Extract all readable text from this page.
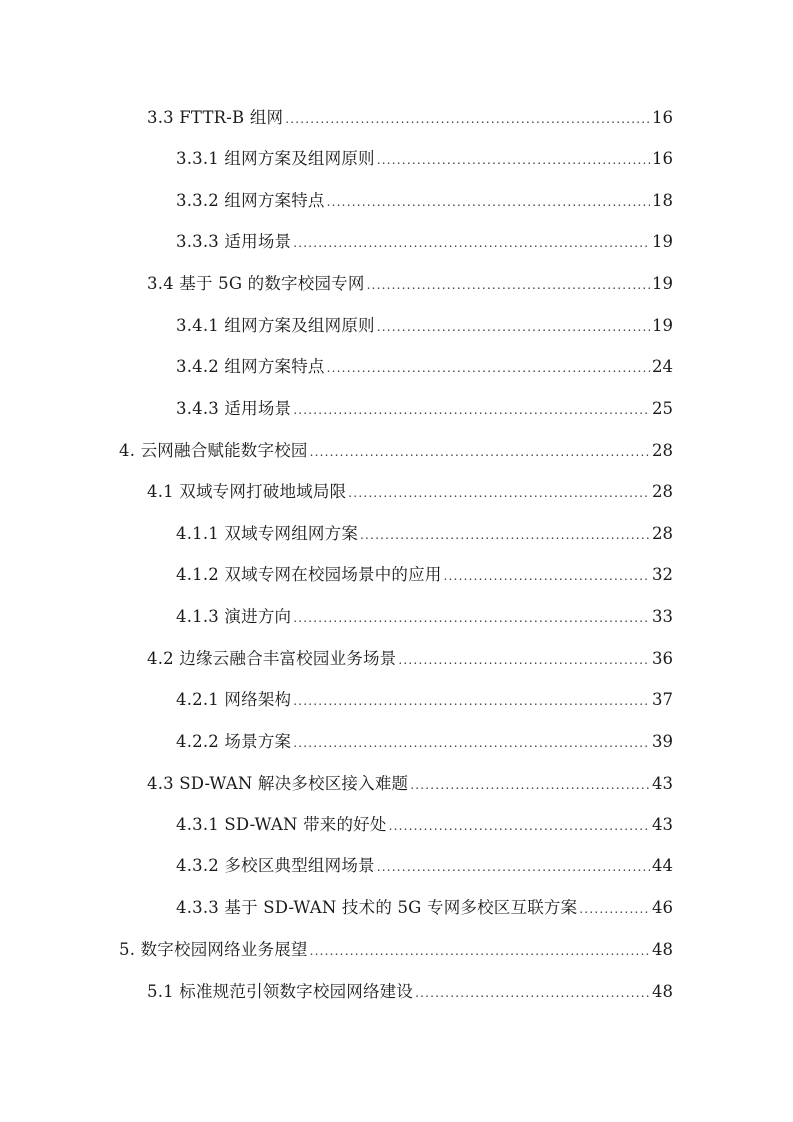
3.3 FTTR-B 组网 .....	16
3.3.1 组网方案及组网原则 .....	16
3.3.2 组网方案特点 .....	18
3.3.3 适用场景 .....	19
3.4 基于 5G 的数字校园专网 .....	19
3.4.1 组网方案及组网原则 .....	19
3.4.2 组网方案特点 .....	24
3.4.3 适用场景 .....	25
4. 云网融合赋能数字校园 .....	28
4.1 双域专网打破地域局限 .....	28
4.1.1 双域专网组网方案 .....	28
4.1.2 双域专网在校园场景中的应用 .....	32
4.1.3 演进方向 .....	33
4.2 边缘云融合丰富校园业务场景 .....	36
4.2.1 网络架构 .....	37
4.2.2 场景方案 .....	39
4.3 SD-WAN 解决多校区接入难题 .....	43
4.3.1 SD-WAN 带来的好处 .....	43
4.3.2 多校区典型组网场景 .....	44
4.3.3 基于 SD-WAN 技术的 5G 专网多校区互联方案 .....	46
5. 数字校园网络业务展望 .....	48
5.1 标准规范引领数字校园网络建设 .....	48
